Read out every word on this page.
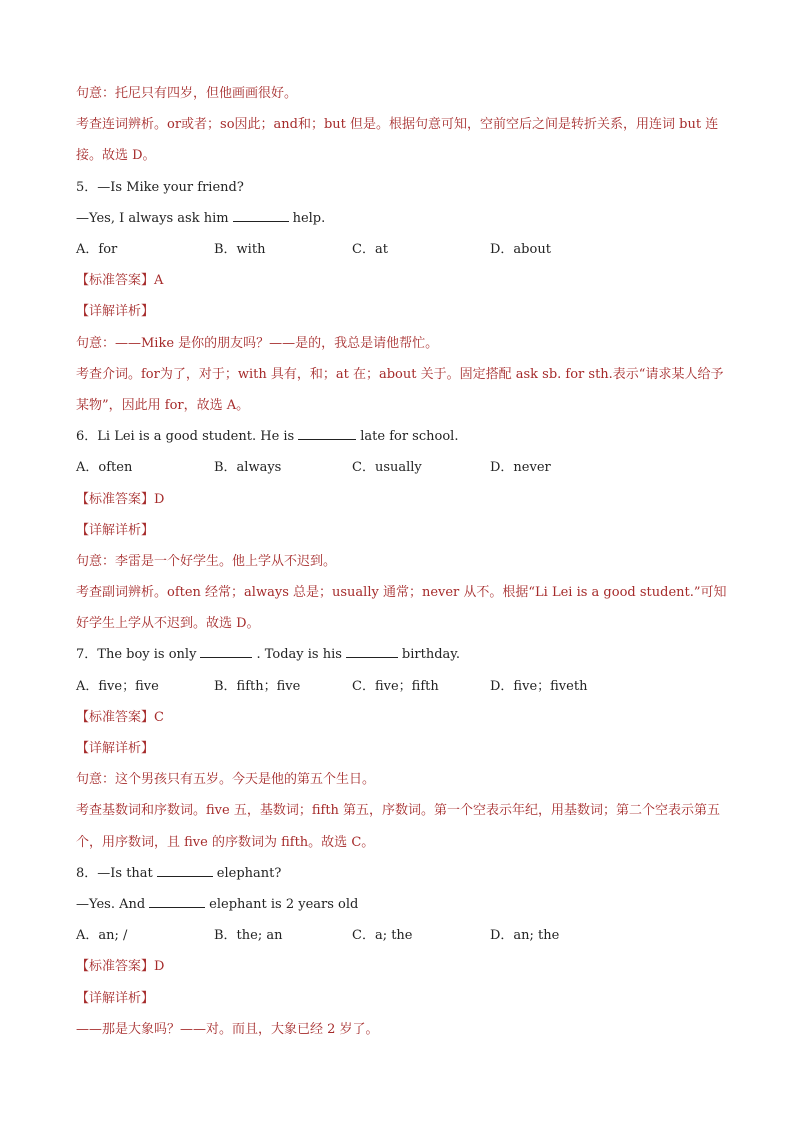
句意：托尼只有四岁，但他画画很好。
考查连词辨析。or或者；so因此；and和；but 但是。根据句意可知，空前空后之间是转折关系，用连词 but 连接。故选 D。
5．—Is Mike your friend?
—Yes, I always ask him	help.
A．for	B．with	C．at	D．about
【标准答案】A
【详解详析】
句意：——Mike 是你的朋友吗？——是的，我总是请他帮忙。
考查介词。for为了，对于；with 具有，和；at 在；about 关于。固定搭配 ask sb. for sth.表示“请求某人给予某物”，因此用 for，故选 A。
6．Li Lei is a good student. He is	late for school.
A．often	B．always	C．usually	D．never
【标准答案】D
【详解详析】
句意：李雷是一个好学生。他上学从不迟到。
考查副词辨析。often 经常；always 总是；usually 通常；never 从不。根据“Li Lei is a good student.”可知好学生上学从不迟到。故选 D。
7．The boy is only	. Today is his	birthday.
A．five；five	B．fifth；five	C．five；fifth	D．five；fiveth
【标准答案】C
【详解详析】
句意：这个男孩只有五岁。今天是他的第五个生日。
考查基数词和序数词。five 五，基数词；fifth 第五，序数词。第一个空表示年纪，用基数词；第二个空表示第五个，用序数词，且 five 的序数词为 fifth。故选 C。
8．—Is that	elephant?
—Yes. And	elephant is 2 years old
A．an; /	B．the; an	C．a; the	D．an; the
【标准答案】D
【详解详析】
——那是大象吗？——对。而且，大象已经 2 岁了。
